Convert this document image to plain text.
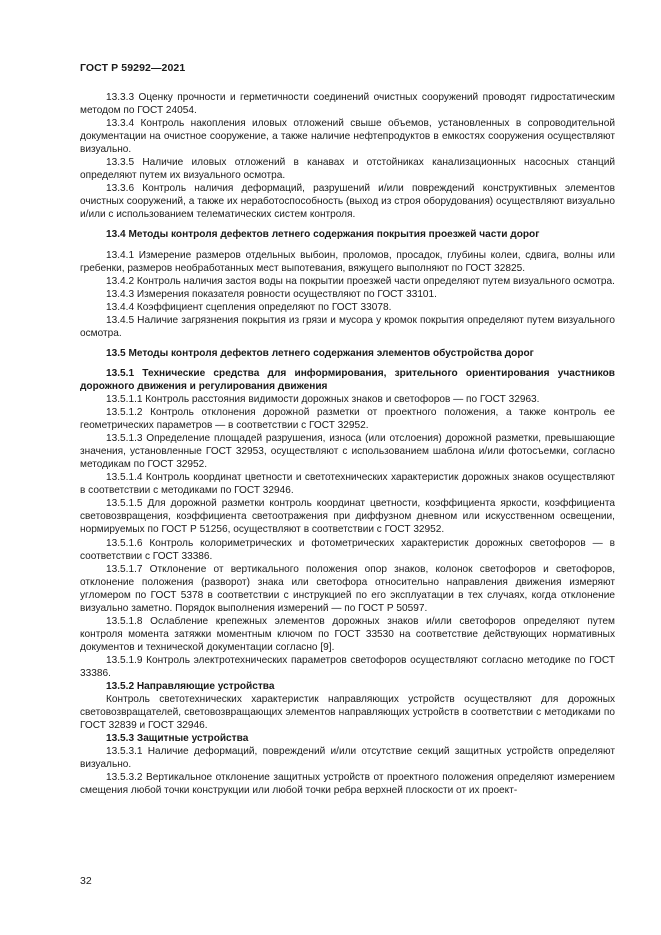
ГОСТ Р 59292—2021

13.3.3 Оценку прочности и герметичности соединений очистных сооружений проводят гидростатическим методом по ГОСТ 24054.

13.3.4 Контроль накопления иловых отложений свыше объемов, установленных в сопроводительной документации на очистное сооружение, а также наличие нефтепродуктов в емкостях сооружения осуществляют визуально.

13.3.5 Наличие иловых отложений в канавах и отстойниках канализационных насосных станций определяют путем их визуального осмотра.

13.3.6 Контроль наличия деформаций, разрушений и/или повреждений конструктивных элементов очистных сооружений, а также их неработоспособность (выход из строя оборудования) осуществляют визуально и/или с использованием телематических систем контроля.

13.4 Методы контроля дефектов летнего содержания покрытия проезжей части дорог

13.4.1 Измерение размеров отдельных выбоин, проломов, просадок, глубины колеи, сдвига, волны или гребенки, размеров необработанных мест выпотевания, вяжущего выполняют по ГОСТ 32825.

13.4.2 Контроль наличия застоя воды на покрытии проезжей части определяют путем визуального осмотра.

13.4.3 Измерения показателя ровности осуществляют по ГОСТ 33101.

13.4.4 Коэффициент сцепления определяют по ГОСТ 33078.

13.4.5 Наличие загрязнения покрытия из грязи и мусора у кромок покрытия определяют путем визуального осмотра.

13.5 Методы контроля дефектов летнего содержания элементов обустройства дорог
13.5.1 Технические средства для информирования, зрительного ориентирования участников дорожного движения и регулирования движения

13.5.1.1 Контроль расстояния видимости дорожных знаков и светофоров — по ГОСТ 32963.

13.5.1.2 Контроль отклонения дорожной разметки от проектного положения, а также контроль ее геометрических параметров — в соответствии с ГОСТ 32952.

13.5.1.3 Определение площадей разрушения, износа (или отслоения) дорожной разметки, превышающие значения, установленные ГОСТ 32953, осуществляют с использованием шаблона и/или фотосъемки, согласно методикам по ГОСТ 32952.

13.5.1.4 Контроль координат цветности и светотехнических характеристик дорожных знаков осуществляют в соответствии с методиками по ГОСТ 32946.

13.5.1.5 Для дорожной разметки контроль координат цветности, коэффициента яркости, коэффициента световозвращения, коэффициента светоотражения при диффузном дневном или искусственном освещении, нормируемых по ГОСТ Р 51256, осуществляют в соответствии с ГОСТ 32952.

13.5.1.6 Контроль колориметрических и фотометрических характеристик дорожных светофоров — в соответствии с ГОСТ 33386.

13.5.1.7 Отклонение от вертикального положения опор знаков, колонок светофоров и светофоров, отклонение положения (разворот) знака или светофора относительно направления движения измеряют угломером по ГОСТ 5378 в соответствии с инструкцией по его эксплуатации в тех случаях, когда отклонение визуально заметно. Порядок выполнения измерений — по ГОСТ Р 50597.

13.5.1.8 Ослабление крепежных элементов дорожных знаков и/или светофоров определяют путем контроля момента затяжки моментным ключом по ГОСТ 33530 на соответствие действующих нормативных документов и технической документации согласно [9].

13.5.1.9 Контроль электротехнических параметров светофоров осуществляют согласно методике по ГОСТ 33386.

13.5.2 Направляющие устройства

Контроль светотехнических характеристик направляющих устройств осуществляют для дорожных световозвращателей, световозвращающих элементов направляющих устройств в соответствии с методиками по ГОСТ 32839 и ГОСТ 32946.

13.5.3 Защитные устройства

13.5.3.1 Наличие деформаций, повреждений и/или отсутствие секций защитных устройств определяют визуально.

13.5.3.2 Вертикальное отклонение защитных устройств от проектного положения определяют измерением смещения любой точки конструкции или любой точки ребра верхней плоскости от их проект-

32
